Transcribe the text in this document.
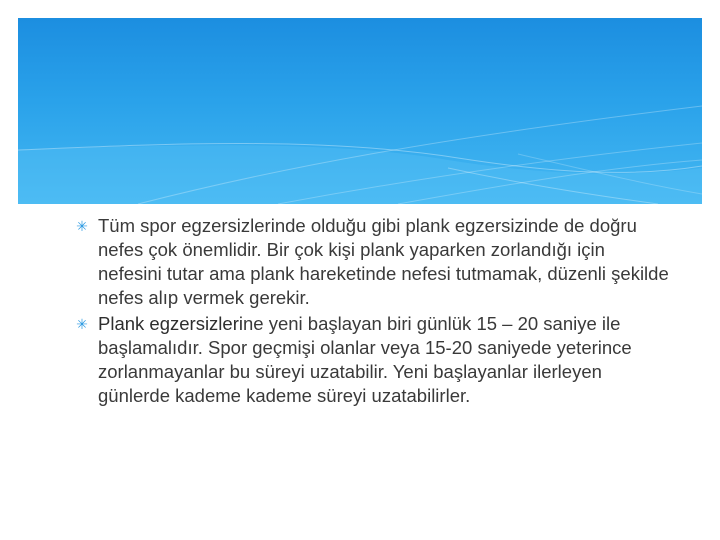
✳ Tüm spor egzersizlerinde olduğu gibi plank egzersizinde de doğru nefes çok önemlidir. Bir çok kişi plank yaparken zorlandığı için nefesini tutar ama plank hareketinde nefesi tutmamak, düzenli şekilde nefes alıp vermek gerekir.
✳ Plank egzersizlerine yeni başlayan biri günlük 15 – 20 saniye ile başlamalıdır. Spor geçmişi olanlar veya 15-20 saniyede yeterince zorlanmayanlar bu süreyi uzatabilir. Yeni başlayanlar ilerleyen günlerde kademe kademe süreyi uzatabilirler.
